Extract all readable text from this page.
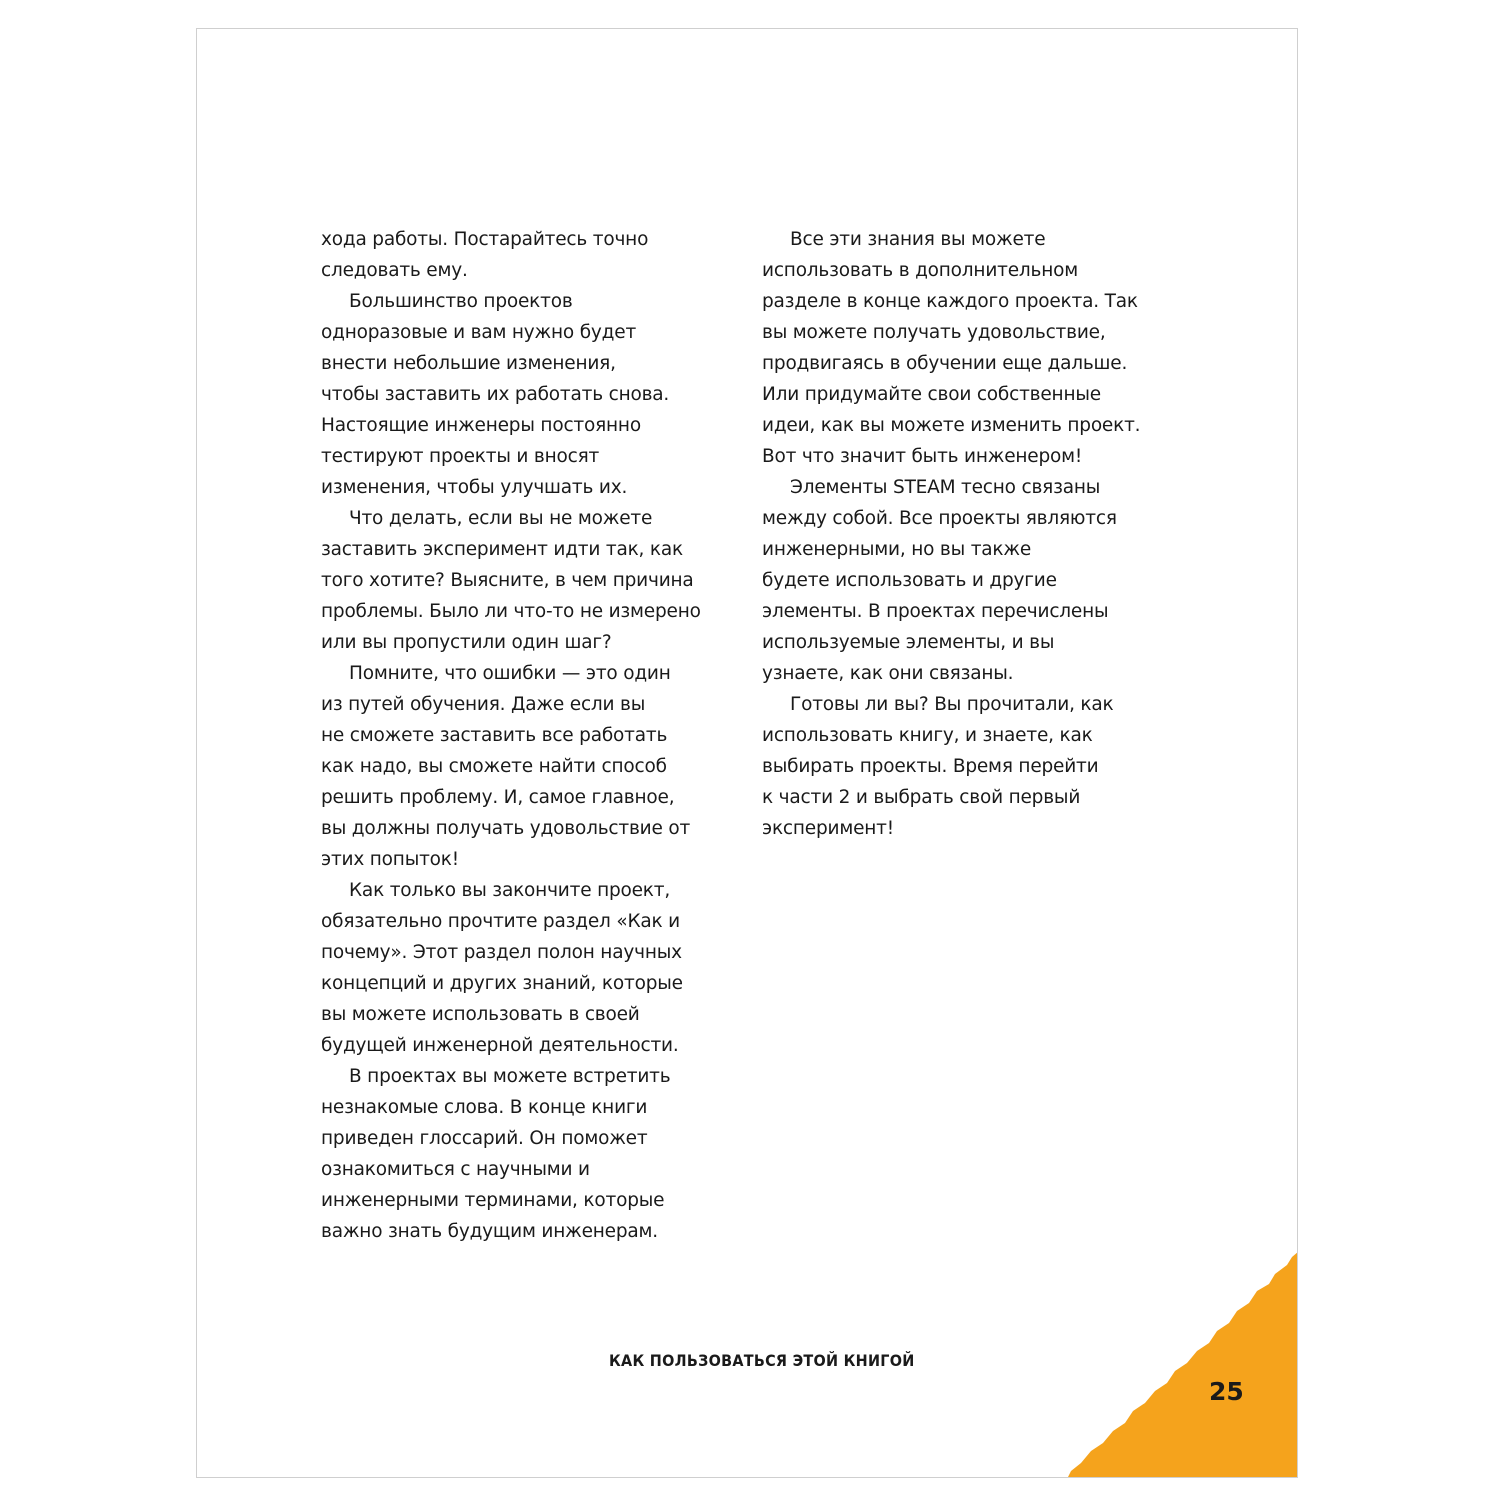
хода работы. Постарайтесь точно
следовать ему.
Большинство проектов
одноразовые и вам нужно будет
внести небольшие изменения,
чтобы заставить их работать снова.
Настоящие инженеры постоянно
тестируют проекты и вносят
изменения, чтобы улучшать их.
Что делать, если вы не можете
заставить эксперимент идти так, как
того хотите? Выясните, в чем причина
проблемы. Было ли что-то не измерено
или вы пропустили один шаг?
Помните, что ошибки — это один
из путей обучения. Даже если вы
не сможете заставить все работать
как надо, вы сможете найти способ
решить проблему. И, самое главное,
вы должны получать удовольствие от
этих попыток!
Как только вы закончите проект,
обязательно прочтите раздел «Как и
почему». Этот раздел полон научных
концепций и других знаний, которые
вы можете использовать в своей
будущей инженерной деятельности.
В проектах вы можете встретить
незнакомые слова. В конце книги
приведен глоссарий. Он поможет
ознакомиться с научными и
инженерными терминами, которые
важно знать будущим инженерам.
Все эти знания вы можете
использовать в дополнительном
разделе в конце каждого проекта. Так
вы можете получать удовольствие,
продвигаясь в обучении еще дальше.
Или придумайте свои собственные
идеи, как вы можете изменить проект.
Вот что значит быть инженером!
Элементы STEAM тесно связаны
между собой. Все проекты являются
инженерными, но вы также
будете использовать и другие
элементы. В проектах перечислены
используемые элементы, и вы
узнаете, как они связаны.
Готовы ли вы? Вы прочитали, как
использовать книгу, и знаете, как
выбирать проекты. Время перейти
к части 2 и выбрать свой первый
эксперимент!
КАК ПОЛЬЗОВАТЬСЯ ЭТОЙ КНИГОЙ
25
